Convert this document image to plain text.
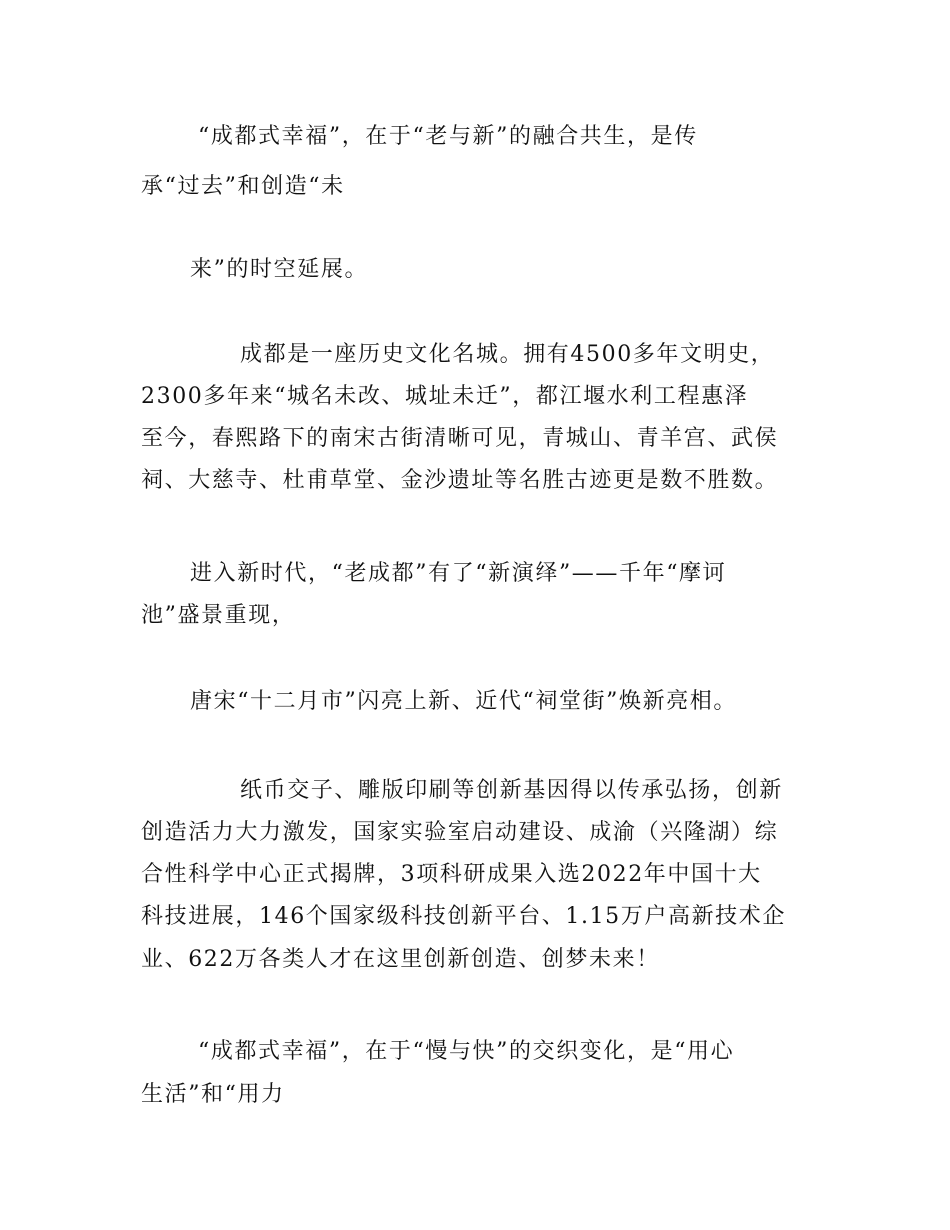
“成都式幸福”，在于“老与新”的融合共生，是传
承“过去”和创造“未
来”的时空延展。
成都是一座历史文化名城。拥有4500多年文明史，
2300多年来“城名未改、城址未迁”，都江堰水利工程惠泽
至今，春熙路下的南宋古街清晰可见，青城山、青羊宫、武侯
祠、大慈寺、杜甫草堂、金沙遗址等名胜古迹更是数不胜数。
进入新时代，“老成都”有了“新演绎”——千年“摩诃
池”盛景重现，
唐宋“十二月市”闪亮上新、近代“祠堂街”焕新亮相。
纸币交子、雕版印刷等创新基因得以传承弘扬，创新
创造活力大力激发，国家实验室启动建设、成渝（兴隆湖）综
合性科学中心正式揭牌，3项科研成果入选2022年中国十大
科技进展，146个国家级科技创新平台、1.15万户高新技术企
业、622万各类人才在这里创新创造、创梦未来！
“成都式幸福”，在于“慢与快”的交织变化，是“用心
生活”和“用力
